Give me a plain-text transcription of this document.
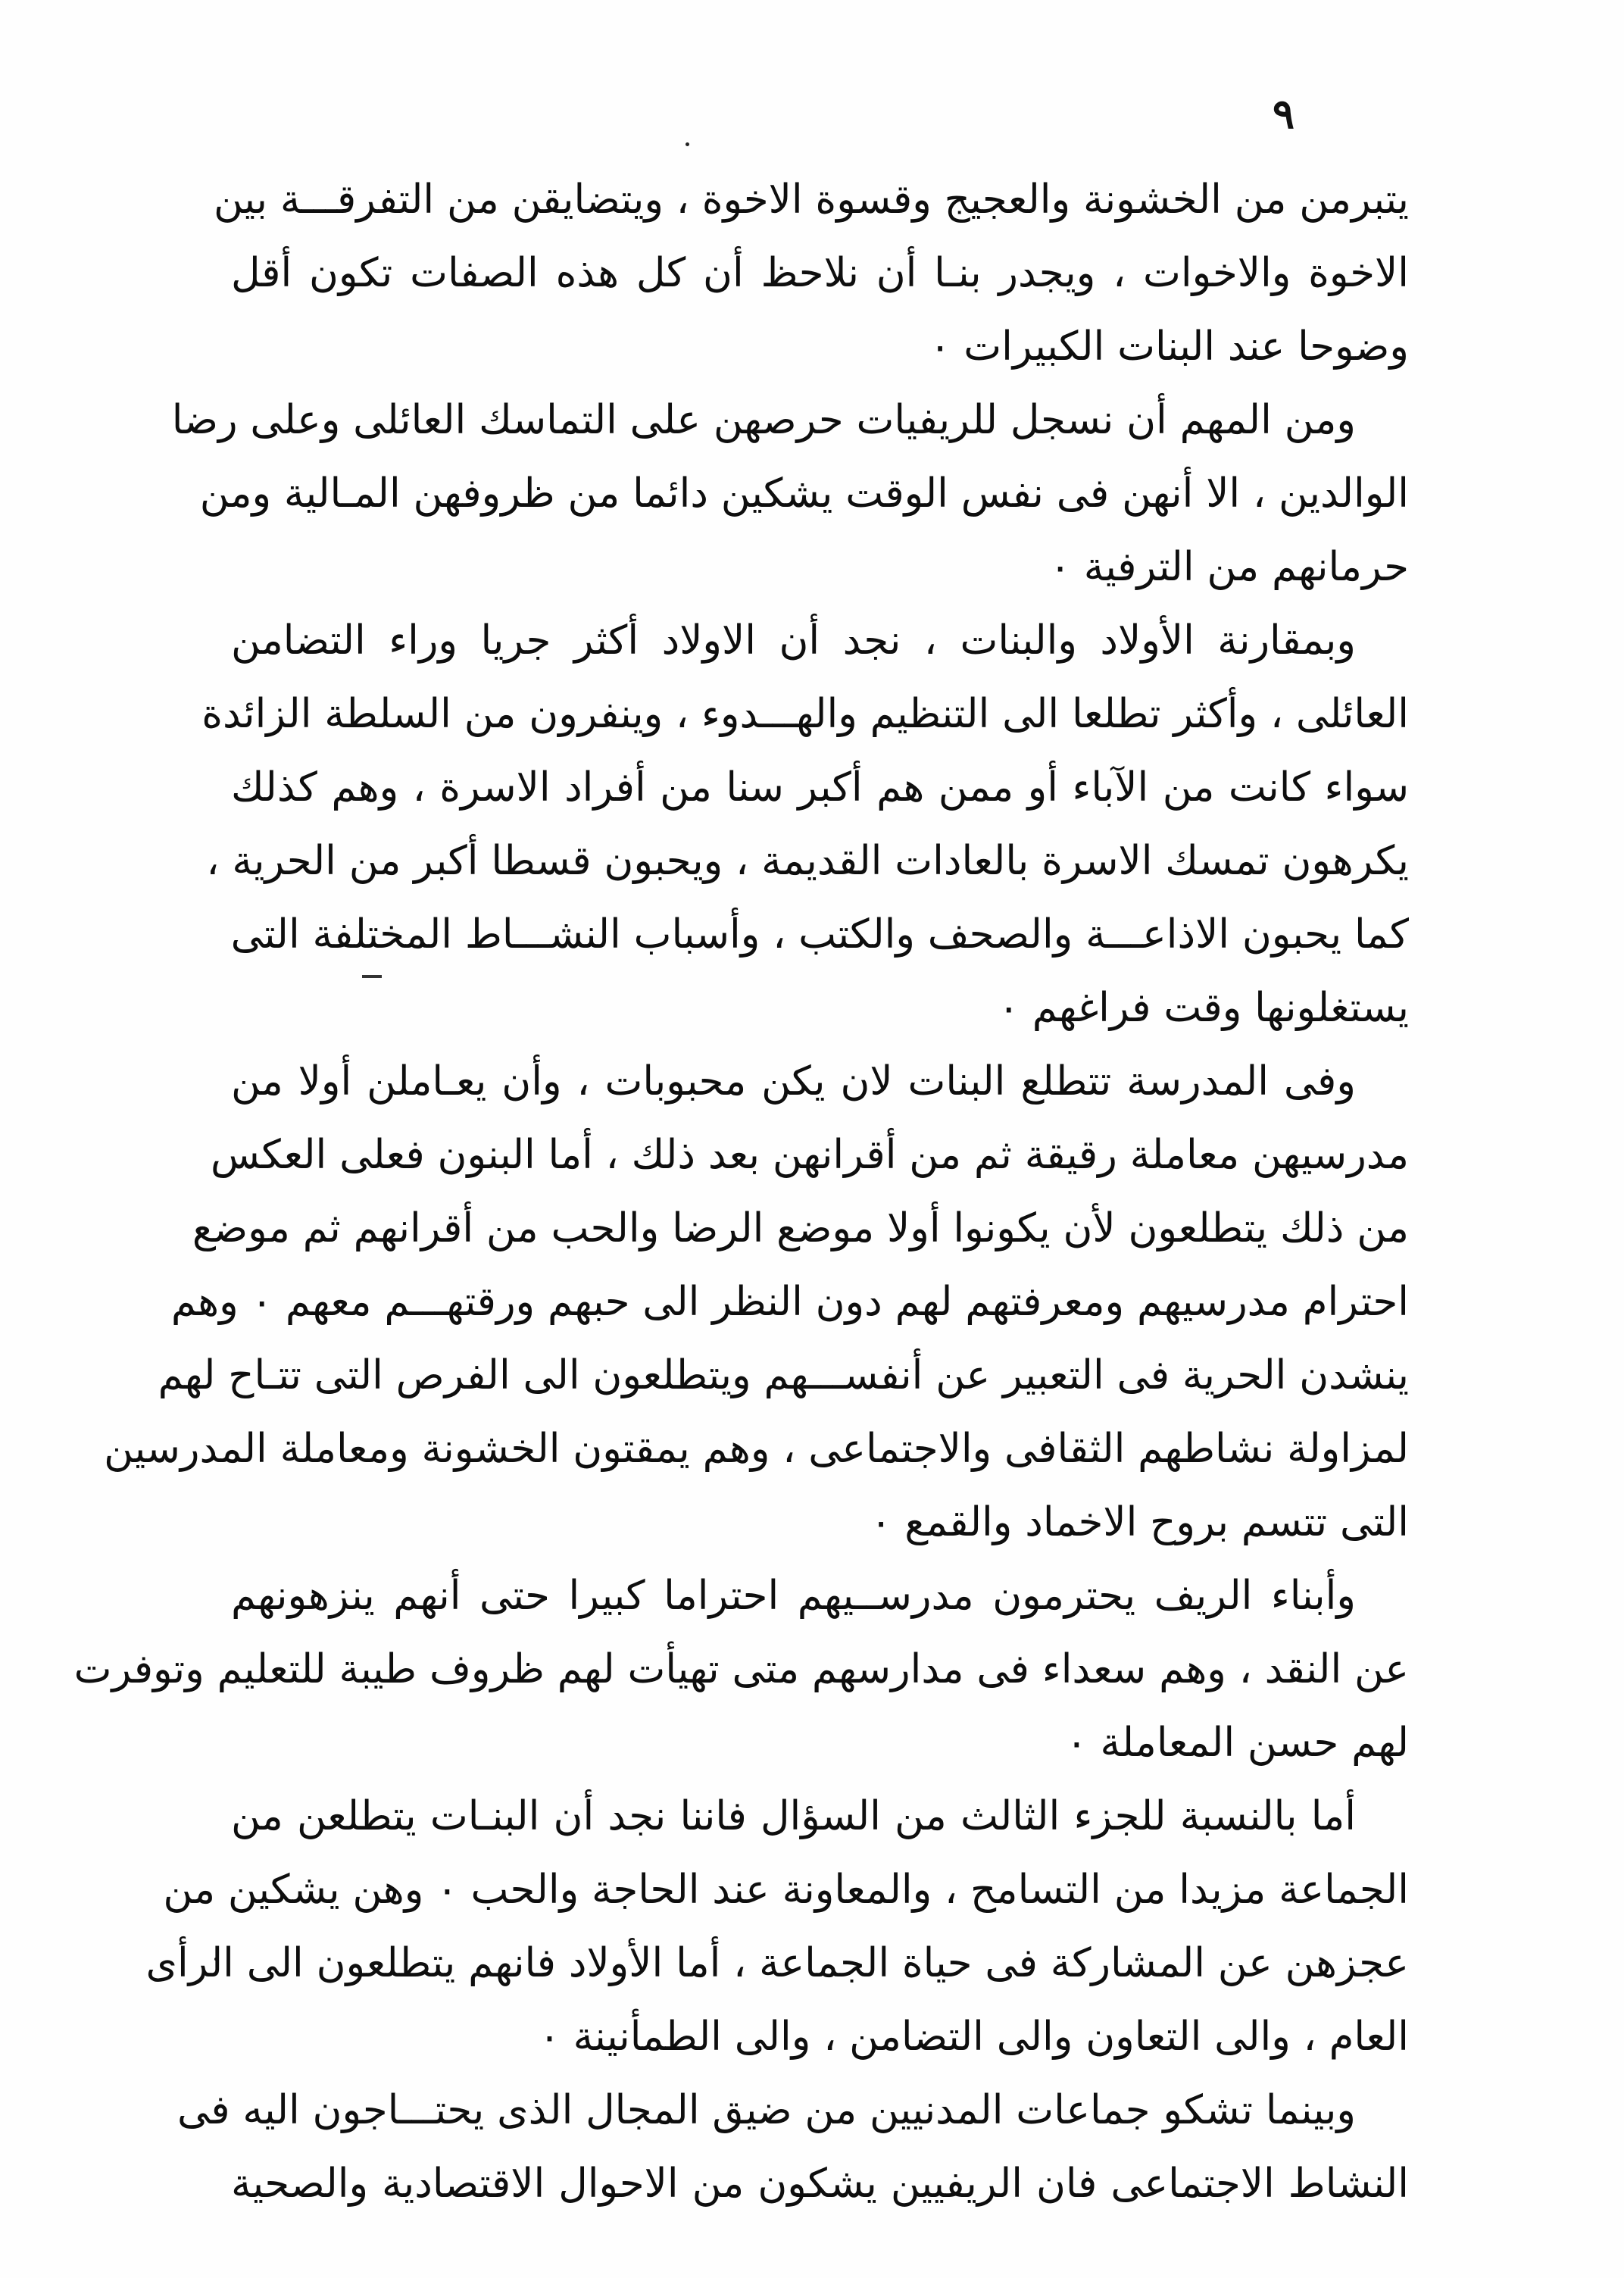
٩
يتبرمن من الخشونة والعجيج وقسوة الاخوة ، ويتضايقن من التفرقـــة بين
الاخوة والاخوات ، ويجدر بنـا أن نلاحظ أن كل هذه الصفات تكون أقل
وضوحا عند البنات الكبيرات ٠
ومن المهم أن نسجل للريفيات حرصهن على التماسك العائلى وعلى رضا
الوالدين ، الا أنهن فى نفس الوقت يشكين دائما من ظروفهن المـالية ومن
حرمانهم من الترفية ٠
وبمقارنة الأولاد والبنات ، نجد أن الاولاد أكثر جريا وراء التضامن
العائلى ، وأكثر تطلعا الى التنظيم والهـــدوء ، وينفرون من السلطة الزائدة
سواء كانت من الآباء أو ممن هم أكبر سنا من أفراد الاسرة ، وهم كذلك
يكرهون تمسك الاسرة بالعادات القديمة ، ويحبون قسطا أكبر من الحرية ،
كما يحبون الاذاعـــة والصحف والكتب ، وأسباب النشـــاط المختلفة التى
يستغلونها وقت فراغهم ٠
وفى المدرسة تتطلع البنات لان يكن محبوبات ، وأن يعـاملن أولا من
مدرسيهن معاملة رقيقة ثم من أقرانهن بعد ذلك ، أما البنون فعلى العكس
من ذلك يتطلعون لأن يكونوا أولا موضع الرضا والحب من أقرانهم ثم موضع
احترام مدرسيهم ومعرفتهم لهم دون النظر الى حبهم ورقتهـــم معهم ٠ وهم
ينشدن الحرية فى التعبير عن أنفســـهم ويتطلعون الى الفرص التى تتـاح لهم
لمزاولة نشاطهم الثقافى والاجتماعى ، وهم يمقتون الخشونة ومعاملة المدرسين
التى تتسم بروح الاخماد والقمع ٠
وأبناء الريف يحترمون مدرســيهم احتراما كبيرا حتى أنهم ينزهونهم
عن النقد ، وهم سعداء فى مدارسهم متى تهيأت لهم ظروف طيبة للتعليم وتوفرت
لهم حسن المعاملة ٠
أما بالنسبة للجزء الثالث من السؤال فاننا نجد أن البنـات يتطلعن من
الجماعة مزيدا من التسامح ، والمعاونة عند الحاجة والحب ٠ وهن يشكين من
عجزهن عن المشاركة فى حياة الجماعة ، أما الأولاد فانهم يتطلعون الى الرأى
العام ، والى التعاون والى التضامن ، والى الطمأنينة ٠
وبينما تشكو جماعات المدنيين من ضيق المجال الذى يحتـــاجون اليه فى
النشاط الاجتماعى فان الريفيين يشكون من الاحوال الاقتصادية والصحية
